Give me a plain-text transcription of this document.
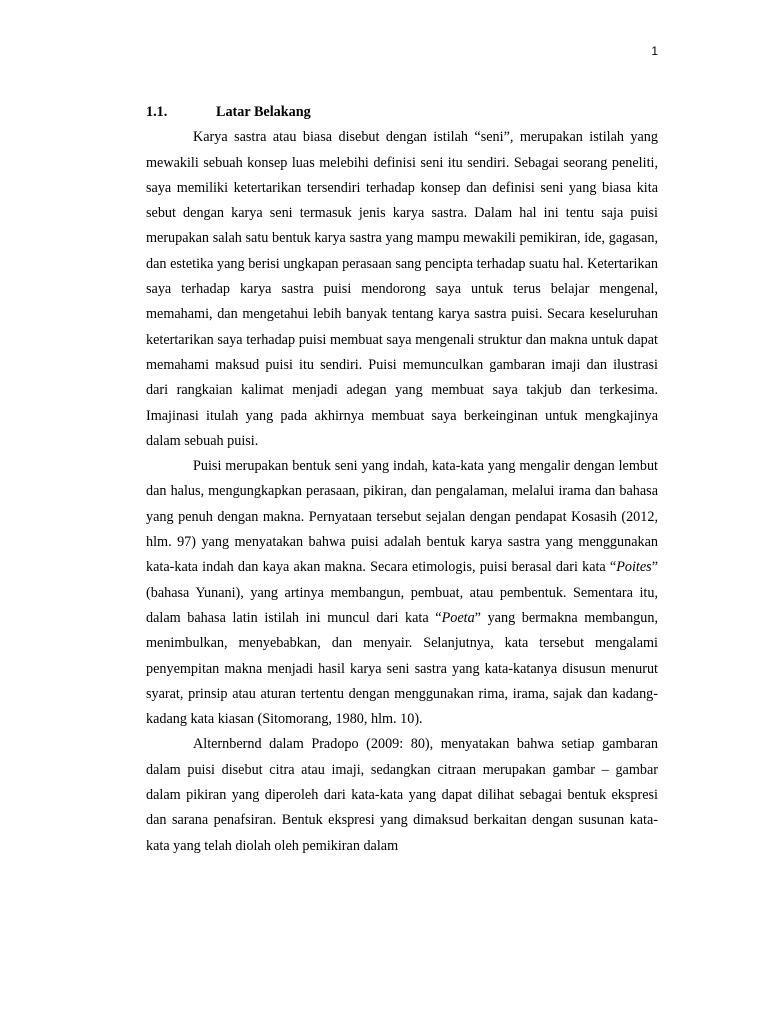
1
1.1.	Latar Belakang

Karya sastra atau biasa disebut dengan istilah “seni”, merupakan istilah yang mewakili sebuah konsep luas melebihi definisi seni itu sendiri. Sebagai seorang peneliti, saya memiliki ketertarikan tersendiri terhadap konsep dan definisi seni yang biasa kita sebut dengan karya seni termasuk jenis karya sastra. Dalam hal ini tentu saja puisi merupakan salah satu bentuk karya sastra yang mampu mewakili pemikiran, ide, gagasan, dan estetika yang berisi ungkapan perasaan sang pencipta terhadap suatu hal. Ketertarikan saya terhadap karya sastra puisi mendorong saya untuk terus belajar mengenal, memahami, dan mengetahui lebih banyak tentang karya sastra puisi. Secara keseluruhan ketertarikan saya terhadap puisi membuat saya mengenali struktur dan makna untuk dapat memahami maksud puisi itu sendiri. Puisi memunculkan gambaran imaji dan ilustrasi dari rangkaian kalimat menjadi adegan yang membuat saya takjub dan terkesima. Imajinasi itulah yang pada akhirnya membuat saya berkeinginan untuk mengkajinya dalam sebuah puisi.

Puisi merupakan bentuk seni yang indah, kata-kata yang mengalir dengan lembut dan halus, mengungkapkan perasaan, pikiran, dan pengalaman, melalui irama dan bahasa yang penuh dengan makna. Pernyataan tersebut sejalan dengan pendapat Kosasih (2012, hlm. 97) yang menyatakan bahwa puisi adalah bentuk karya sastra yang menggunakan kata-kata indah dan kaya akan makna. Secara etimologis, puisi berasal dari kata “Poites” (bahasa Yunani), yang artinya membangun, pembuat, atau pembentuk. Sementara itu, dalam bahasa latin istilah ini muncul dari kata “Poeta” yang bermakna membangun, menimbulkan, menyebabkan, dan menyair. Selanjutnya, kata tersebut mengalami penyempitan makna menjadi hasil karya seni sastra yang kata-katanya disusun menurut syarat, prinsip atau aturan tertentu dengan menggunakan rima, irama, sajak dan kadang-kadang kata kiasan (Sitomorang, 1980, hlm. 10).

Alternbernd dalam Pradopo (2009: 80), menyatakan bahwa setiap gambaran dalam puisi disebut citra atau imaji, sedangkan citraan merupakan gambar – gambar dalam pikiran yang diperoleh dari kata-kata yang dapat dilihat sebagai bentuk ekspresi dan sarana penafsiran. Bentuk ekspresi yang dimaksud berkaitan dengan susunan kata-kata yang telah diolah oleh pemikiran dalam
